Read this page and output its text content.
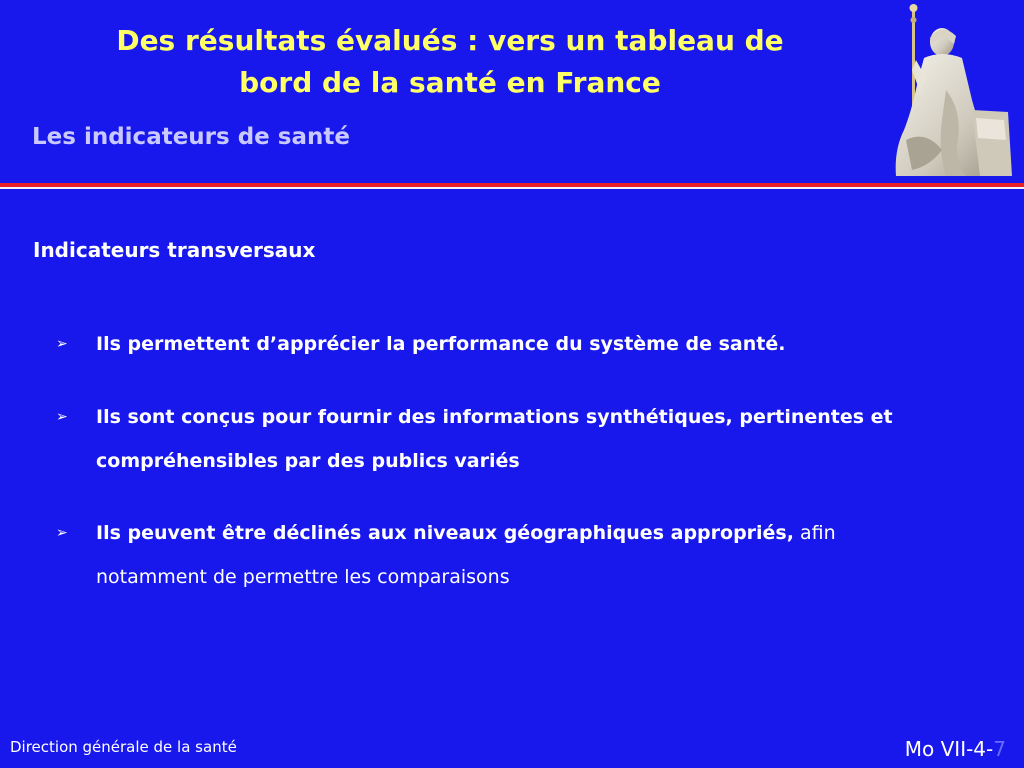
Des résultats évalués : vers un tableau de
bord de la santé en France
Les indicateurs de santé
Indicateurs transversaux
➢	Ils permettent d’apprécier la performance du système de santé.
➢	Ils sont conçus pour fournir des informations synthétiques, pertinentes et compréhensibles par des publics variés
➢	Ils peuvent être déclinés aux niveaux géographiques appropriés, afin notamment de permettre les comparaisons
Direction générale de la santé	Mo VII-4-7
